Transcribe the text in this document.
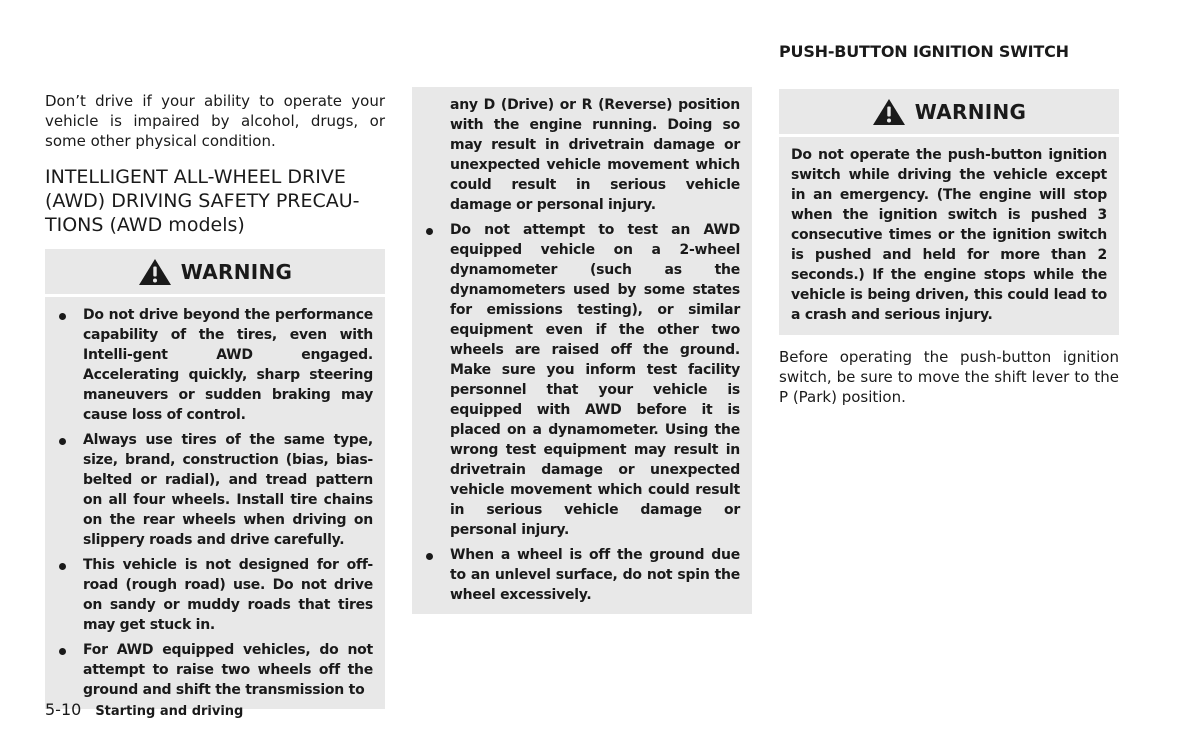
Don’t drive if your ability to operate your vehicle is impaired by alcohol, drugs, or some other physical condition.

INTELLIGENT ALL-WHEEL DRIVE (AWD) DRIVING SAFETY PRECAU-TIONS (AWD models)
WARNING
Do not drive beyond the performance capability of the tires, even with Intelli-gent AWD engaged. Accelerating quickly, sharp steering maneuvers or sudden braking may cause loss of control.
Always use tires of the same type, size, brand, construction (bias, bias-belted or radial), and tread pattern on all four wheels. Install tire chains on the rear wheels when driving on slippery roads and drive carefully.
This vehicle is not designed for off-road (rough road) use. Do not drive on sandy or muddy roads that tires may get stuck in.
For AWD equipped vehicles, do not attempt to raise two wheels off the ground and shift the transmission to

any D (Drive) or R (Reverse) position with the engine running. Doing so may result in drivetrain damage or unexpected vehicle movement which could result in serious vehicle damage or personal injury.

Do not attempt to test an AWD equipped vehicle on a 2-wheel dynamometer (such as the dynamometers used by some states for emissions testing), or similar equipment even if the other two wheels are raised off the ground. Make sure you inform test facility personnel that your vehicle is equipped with AWD before it is placed on a dynamometer. Using the wrong test equipment may result in drivetrain damage or unexpected vehicle movement which could result in serious vehicle damage or personal injury.
When a wheel is off the ground due to an unlevel surface, do not spin the wheel excessively.
PUSH-BUTTON IGNITION SWITCH
WARNING

Do not operate the push-button ignition switch while driving the vehicle except in an emergency. (The engine will stop when the ignition switch is pushed 3 consecutive times or the ignition switch is pushed and held for more than 2 seconds.) If the engine stops while the vehicle is being driven, this could lead to a crash and serious injury.

Before operating the push-button ignition switch, be sure to move the shift lever to the P (Park) position.

5-10 Starting and driving
